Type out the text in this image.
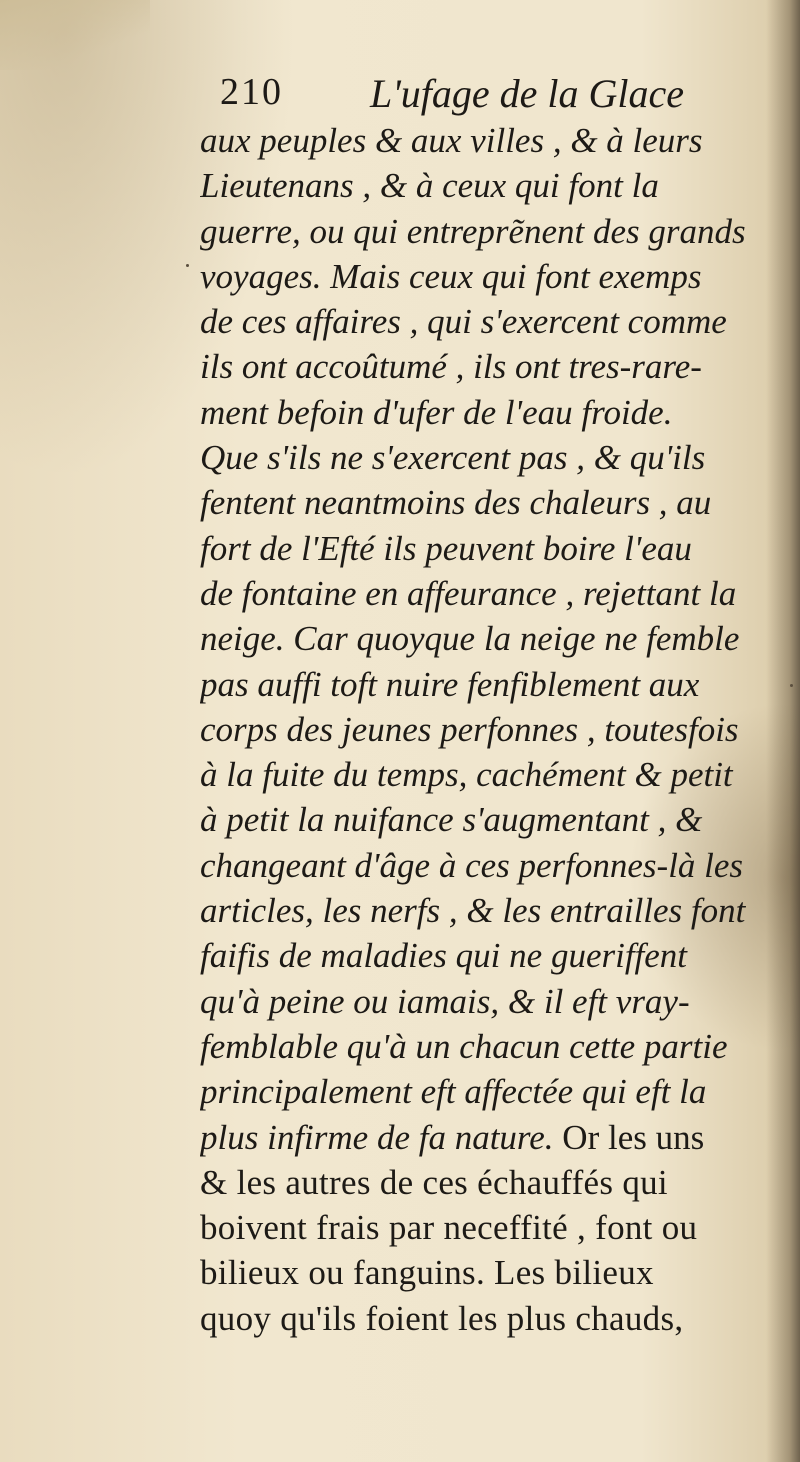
210 L'ufage de la Glace
aux peuples & aux villes , & à leurs
Lieutenans , & à ceux qui font la
guerre, ou qui entreprẽnent des grands
voyages. Mais ceux qui font exemps
de ces affaires , qui s'exercent comme
ils ont accoûtumé , ils ont tres-rare-
ment befoin d'ufer de l'eau froide.
Que s'ils ne s'exercent pas , & qu'ils
fentent neantmoins des chaleurs , au
fort de l'Efté ils peuvent boire l'eau
de fontaine en affeurance , rejettant la
neige. Car quoyque la neige ne femble
pas auffi toft nuire fenfiblement aux
corps des jeunes perfonnes , toutesfois
à la fuite du temps, cachément & petit
à petit la nuifance s'augmentant , &
changeant d'âge à ces perfonnes-là les
articles, les nerfs , & les entrailles font
faifis de maladies qui ne gueriffent
qu'à peine ou iamais, & il eft vray-
femblable qu'à un chacun cette partie
principalement eft affectée qui eft la
plus infirme de fa nature. Or les uns
& les autres de ces échauffés qui
boivent frais par neceffité , font ou
bilieux ou fanguins. Les bilieux
quoy qu'ils foient les plus chauds,
